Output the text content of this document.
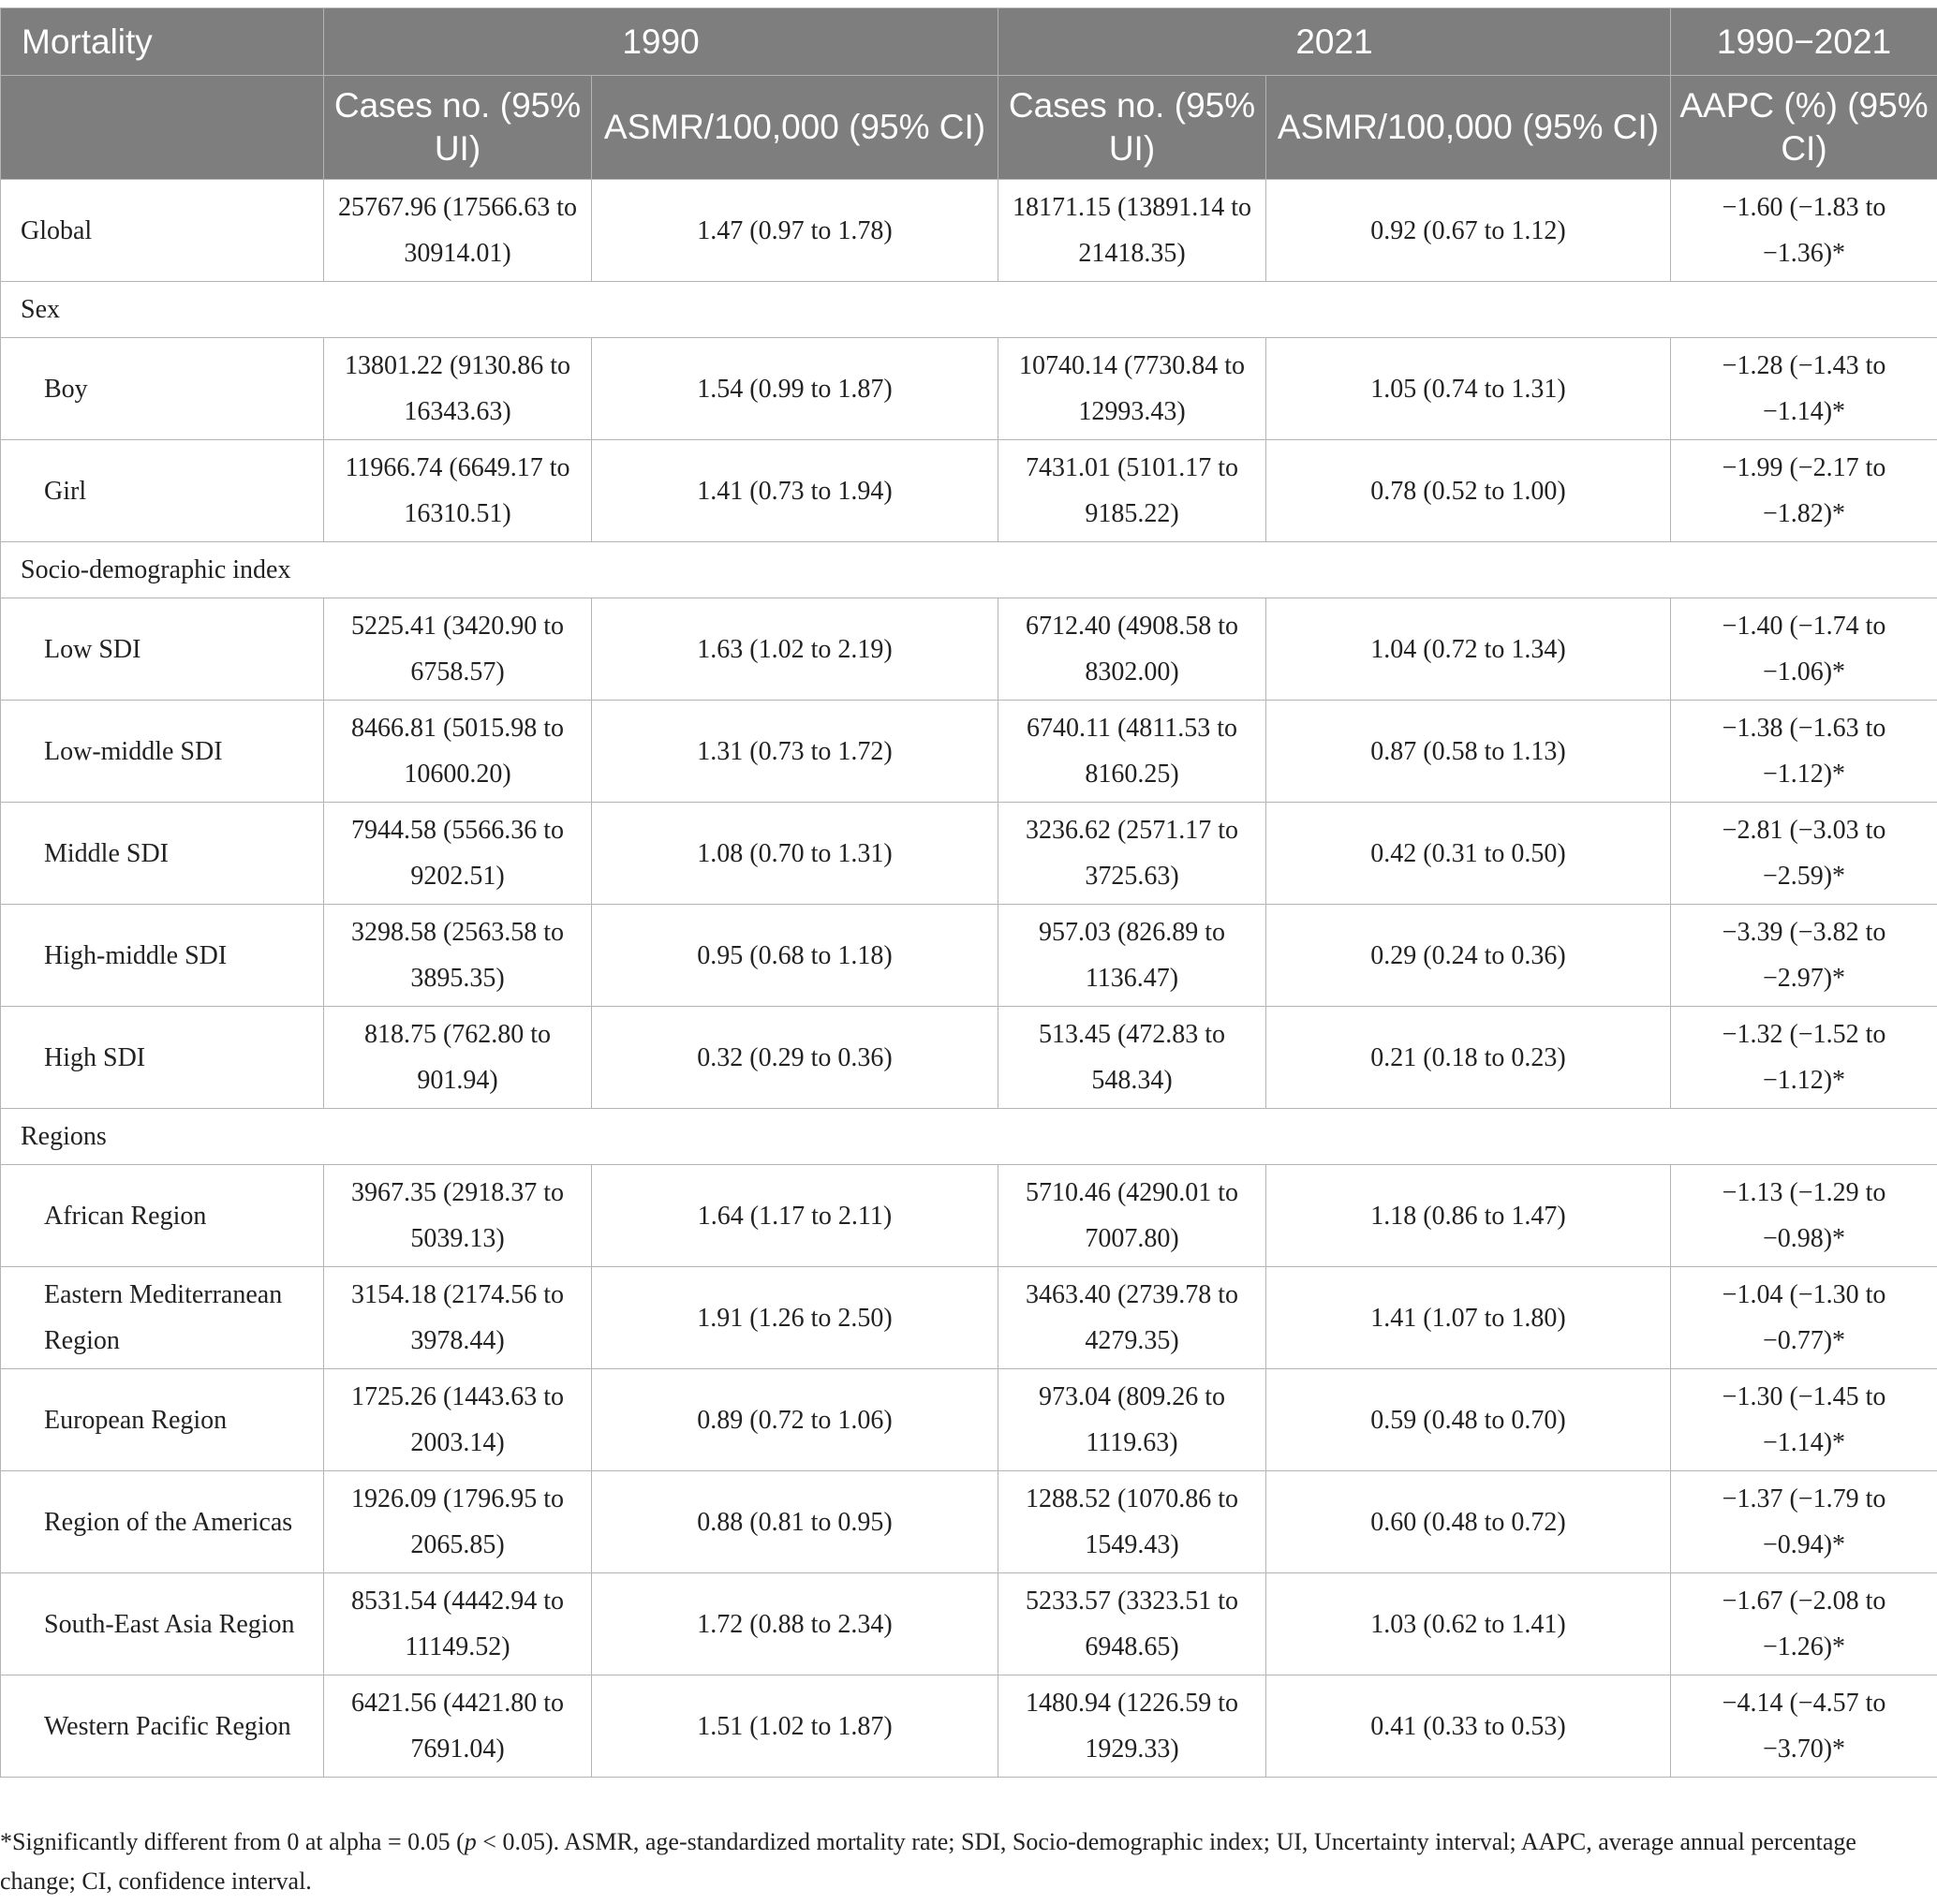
Mortality	1990		2021		1990−2021
	Cases no. (95% UI)	ASMR/100,000 (95% CI)	Cases no. (95% UI)	ASMR/100,000 (95% CI)	AAPC (%) (95% CI)
Global	25767.96 (17566.63 to 30914.01)	1.47 (0.97 to 1.78)	18171.15 (13891.14 to 21418.35)	0.92 (0.67 to 1.12)	−1.60 (−1.83 to −1.36)*
Sex					
Boy	13801.22 (9130.86 to 16343.63)	1.54 (0.99 to 1.87)	10740.14 (7730.84 to 12993.43)	1.05 (0.74 to 1.31)	−1.28 (−1.43 to −1.14)*
Girl	11966.74 (6649.17 to 16310.51)	1.41 (0.73 to 1.94)	7431.01 (5101.17 to 9185.22)	0.78 (0.52 to 1.00)	−1.99 (−2.17 to −1.82)*
Socio-demographic index					
Low SDI	5225.41 (3420.90 to 6758.57)	1.63 (1.02 to 2.19)	6712.40 (4908.58 to 8302.00)	1.04 (0.72 to 1.34)	−1.40 (−1.74 to −1.06)*
Low-middle SDI	8466.81 (5015.98 to 10600.20)	1.31 (0.73 to 1.72)	6740.11 (4811.53 to 8160.25)	0.87 (0.58 to 1.13)	−1.38 (−1.63 to −1.12)*
Middle SDI	7944.58 (5566.36 to 9202.51)	1.08 (0.70 to 1.31)	3236.62 (2571.17 to 3725.63)	0.42 (0.31 to 0.50)	−2.81 (−3.03 to −2.59)*
High-middle SDI	3298.58 (2563.58 to 3895.35)	0.95 (0.68 to 1.18)	957.03 (826.89 to 1136.47)	0.29 (0.24 to 0.36)	−3.39 (−3.82 to −2.97)*
High SDI	818.75 (762.80 to 901.94)	0.32 (0.29 to 0.36)	513.45 (472.83 to 548.34)	0.21 (0.18 to 0.23)	−1.32 (−1.52 to −1.12)*
Regions					
African Region	3967.35 (2918.37 to 5039.13)	1.64 (1.17 to 2.11)	5710.46 (4290.01 to 7007.80)	1.18 (0.86 to 1.47)	−1.13 (−1.29 to −0.98)*
Eastern Mediterranean Region	3154.18 (2174.56 to 3978.44)	1.91 (1.26 to 2.50)	3463.40 (2739.78 to 4279.35)	1.41 (1.07 to 1.80)	−1.04 (−1.30 to −0.77)*
European Region	1725.26 (1443.63 to 2003.14)	0.89 (0.72 to 1.06)	973.04 (809.26 to 1119.63)	0.59 (0.48 to 0.70)	−1.30 (−1.45 to −1.14)*
Region of the Americas	1926.09 (1796.95 to 2065.85)	0.88 (0.81 to 0.95)	1288.52 (1070.86 to 1549.43)	0.60 (0.48 to 0.72)	−1.37 (−1.79 to −0.94)*
South-East Asia Region	8531.54 (4442.94 to 11149.52)	1.72 (0.88 to 2.34)	5233.57 (3323.51 to 6948.65)	1.03 (0.62 to 1.41)	−1.67 (−2.08 to −1.26)*
Western Pacific Region	6421.56 (4421.80 to 7691.04)	1.51 (1.02 to 1.87)	1480.94 (1226.59 to 1929.33)	0.41 (0.33 to 0.53)	−4.14 (−4.57 to −3.70)*
*Significantly different from 0 at alpha = 0.05 (p < 0.05). ASMR, age-standardized mortality rate; SDI, Socio-demographic index; UI, Uncertainty interval; AAPC, average annual percentage change; CI, confidence interval.
